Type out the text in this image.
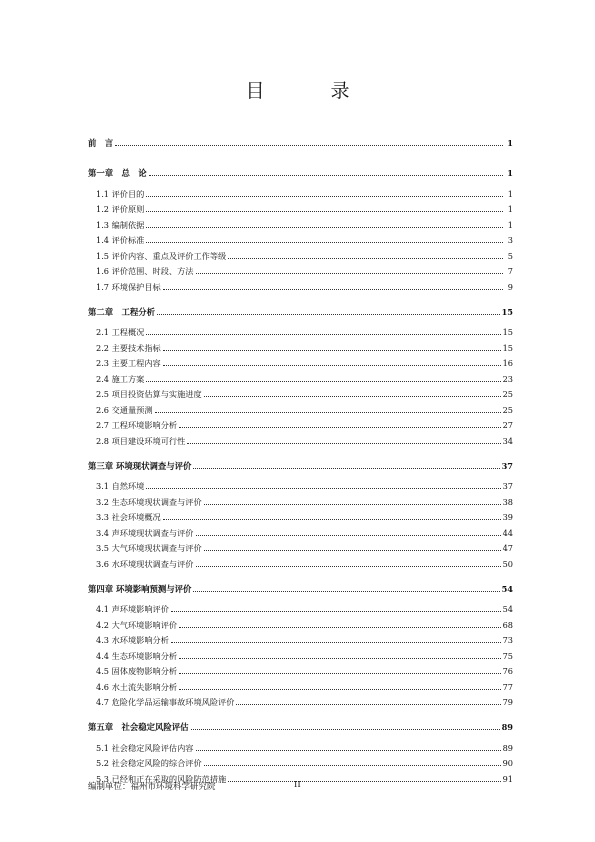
目 录
前　言	1
第一章　总　论	1
1.1 评价目的	1
1.2 评价原则	1
1.3 编制依据	1
1.4 评价标准	3
1.5 评价内容、重点及评价工作等级	5
1.6 评价范围、时段、方法	7
1.7 环境保护目标	9
第二章　工程分析	15
2.1 工程概况	15
2.2 主要技术指标	15
2.3 主要工程内容	16
2.4 施工方案	23
2.5 项目投资估算与实施进度	25
2.6 交通量预测	25
2.7 工程环境影响分析	27
2.8 项目建设环境可行性	34
第三章 环境现状调查与评价	37
3.1 自然环境	37
3.2 生态环境现状调查与评价	38
3.3 社会环境概况	39
3.4 声环境现状调查与评价	44
3.5 大气环境现状调查与评价	47
3.6 水环境现状调查与评价	50
第四章 环境影响预测与评价	54
4.1 声环境影响评价	54
4.2 大气环境影响评价	68
4.3 水环境影响分析	73
4.4 生态环境影响分析	75
4.5 固体废物影响分析	76
4.6 水土流失影响分析	77
4.7 危险化学品运输事故环境风险评价	79
第五章　社会稳定风险评估	89
5.1 社会稳定风险评估内容	89
5.2 社会稳定风险的综合评价	90
5.3 已经和正在采取的风险防范措施	91
编制单位：福州市环境科学研究院	II
